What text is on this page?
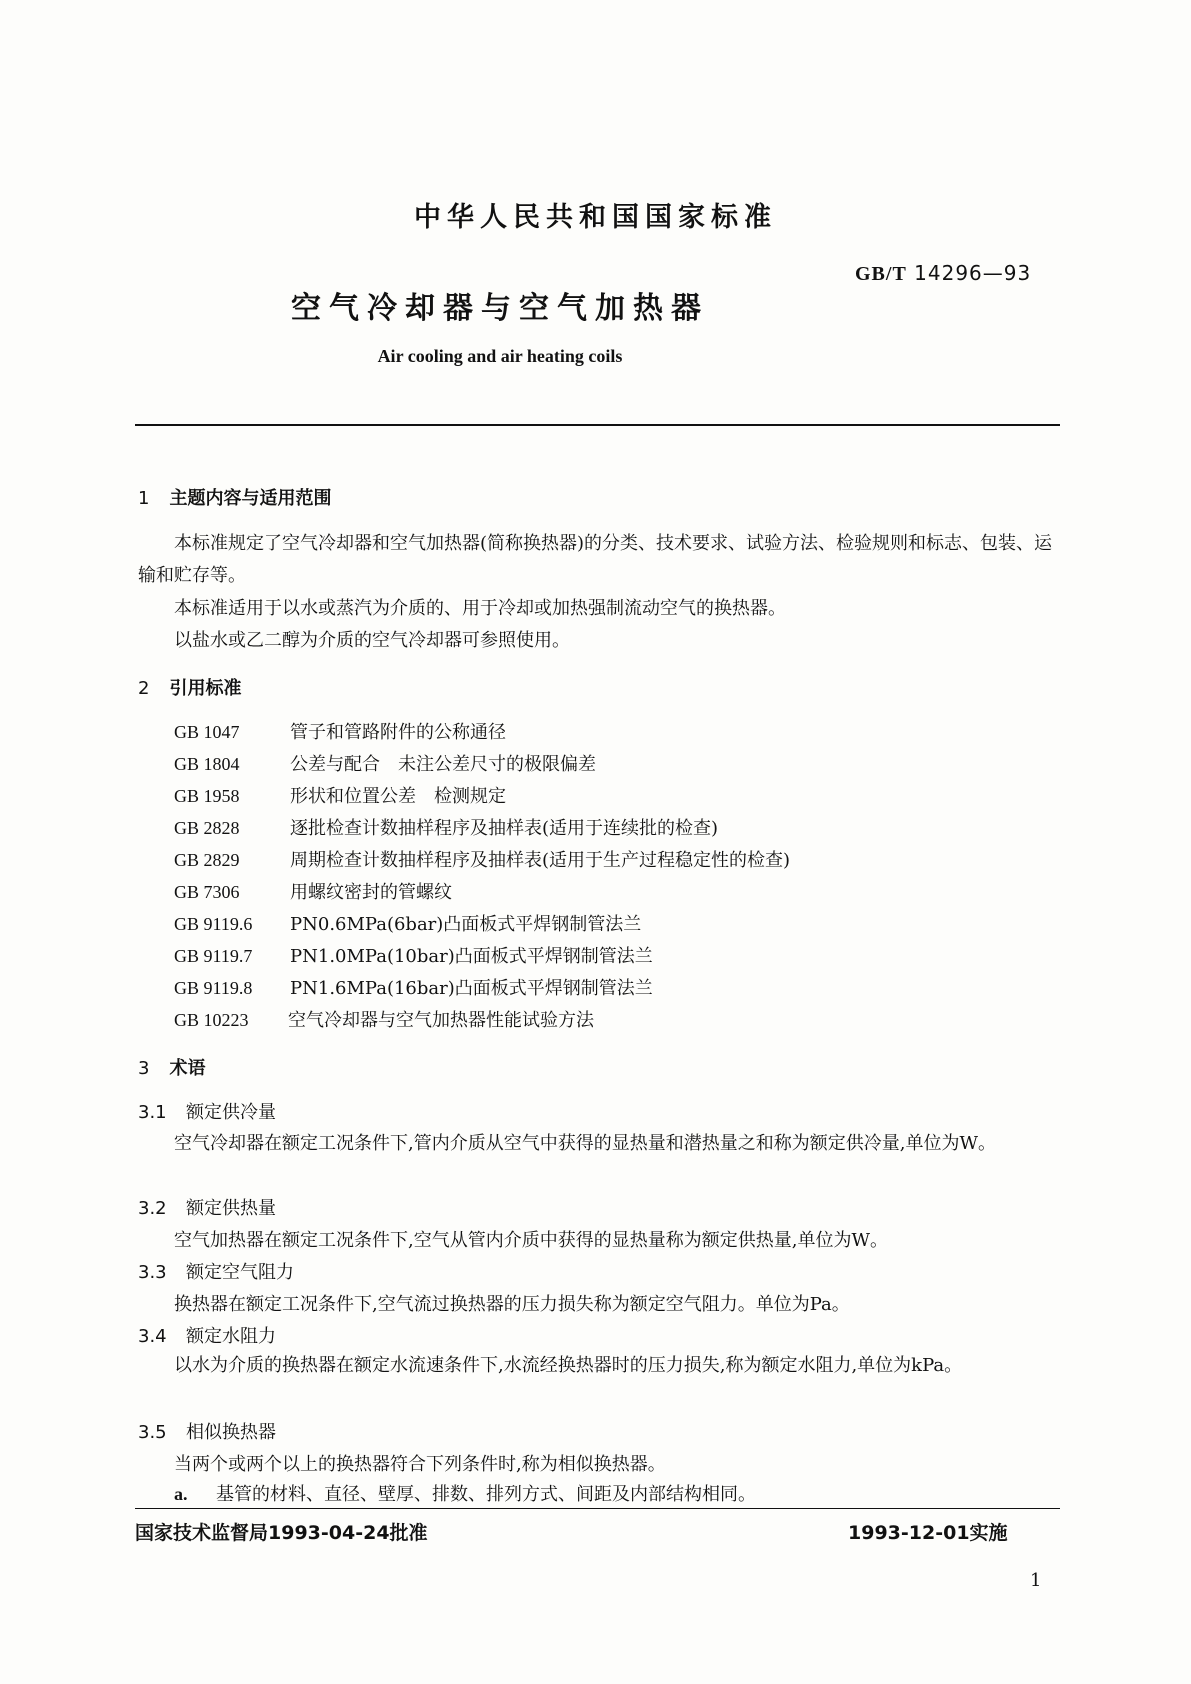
中华人民共和国国家标准
GB/T 14296—93
空气冷却器与空气加热器
Air cooling and air heating coils
1 主题内容与适用范围
本标准规定了空气冷却器和空气加热器(简称换热器)的分类、技术要求、试验方法、检验规则和标志、包装、运输和贮存等。
本标准适用于以水或蒸汽为介质的、用于冷却或加热强制流动空气的换热器。
以盐水或乙二醇为介质的空气冷却器可参照使用。
2 引用标准
GB 1047	管子和管路附件的公称通径
GB 1804	公差与配合　未注公差尺寸的极限偏差
GB 1958	形状和位置公差　检测规定
GB 2828	逐批检查计数抽样程序及抽样表(适用于连续批的检查)
GB 2829	周期检查计数抽样程序及抽样表(适用于生产过程稳定性的检查)
GB 7306	用螺纹密封的管螺纹
GB 9119.6 PN0.6MPa(6bar)凸面板式平焊钢制管法兰
GB 9119.7 PN1.0MPa(10bar)凸面板式平焊钢制管法兰
GB 9119.8 PN1.6MPa(16bar)凸面板式平焊钢制管法兰
GB 10223 空气冷却器与空气加热器性能试验方法
3 术语
3.1 额定供冷量
空气冷却器在额定工况条件下,管内介质从空气中获得的显热量和潜热量之和称为额定供冷量,单位为W。
3.2 额定供热量
空气加热器在额定工况条件下,空气从管内介质中获得的显热量称为额定供热量,单位为W。
3.3 额定空气阻力
换热器在额定工况条件下,空气流过换热器的压力损失称为额定空气阻力。单位为Pa。
3.4 额定水阻力
以水为介质的换热器在额定水流速条件下,水流经换热器时的压力损失,称为额定水阻力,单位为kPa。
3.5 相似换热器
当两个或两个以上的换热器符合下列条件时,称为相似换热器。
a. 基管的材料、直径、壁厚、排数、排列方式、间距及内部结构相同。
国家技术监督局1993-04-24批准	1993-12-01实施
1
